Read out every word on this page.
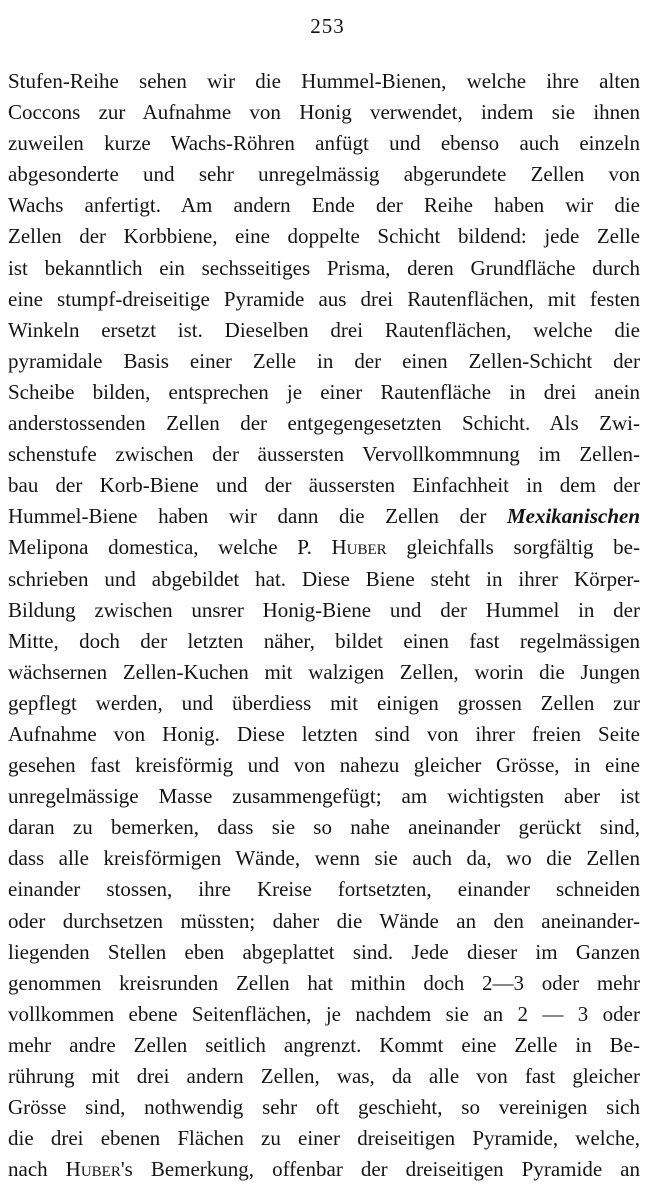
253
Stufen-Reihe sehen wir die Hummel-Bienen, welche ihre alten
Coccons zur Aufnahme von Honig verwendet, indem sie ihnen
zuweilen kurze Wachs-Röhren anfügt und ebenso auch einzeln
abgesonderte und sehr unregelmässig abgerundete Zellen von
Wachs anfertigt. Am andern Ende der Reihe haben wir die
Zellen der Korbbiene, eine doppelte Schicht bildend: jede Zelle
ist bekanntlich ein sechsseitiges Prisma, deren Grundfläche durch
eine stumpf-dreiseitige Pyramide aus drei Rautenflächen, mit festen
Winkeln ersetzt ist. Dieselben drei Rautenflächen, welche die
pyramidale Basis einer Zelle in der einen Zellen-Schicht der
Scheibe bilden, entsprechen je einer Rautenfläche in drei anein
anderstossenden Zellen der entgegengesetzten Schicht. Als Zwi-
schenstufe zwischen der äussersten Vervollkommnung im Zellen-
bau der Korb-Biene und der äussersten Einfachheit in dem der
Hummel-Biene haben wir dann die Zellen der Mexikanischen
Melipona domestica, welche P. Huber gleichfalls sorgfältig be-
schrieben und abgebildet hat. Diese Biene steht in ihrer Körper-
Bildung zwischen unsrer Honig-Biene und der Hummel in der
Mitte, doch der letzten näher, bildet einen fast regelmässigen
wächsernen Zellen-Kuchen mit walzigen Zellen, worin die Jungen
gepflegt werden, und überdiess mit einigen grossen Zellen zur
Aufnahme von Honig. Diese letzten sind von ihrer freien Seite
gesehen fast kreisförmig und von nahezu gleicher Grösse, in eine
unregelmässige Masse zusammengefügt; am wichtigsten aber ist
daran zu bemerken, dass sie so nahe aneinander gerückt sind,
dass alle kreisförmigen Wände, wenn sie auch da, wo die Zellen
einander stossen, ihre Kreise fortsetzten, einander schneiden
oder durchsetzen müssten; daher die Wände an den aneinander-
liegenden Stellen eben abgeplattet sind. Jede dieser im Ganzen
genommen kreisrunden Zellen hat mithin doch 2—3 oder mehr
vollkommen ebene Seitenflächen, je nachdem sie an 2 — 3 oder
mehr andre Zellen seitlich angrenzt. Kommt eine Zelle in Be-
rührung mit drei andern Zellen, was, da alle von fast gleicher
Grösse sind, nothwendig sehr oft geschieht, so vereinigen sich
die drei ebenen Flächen zu einer dreiseitigen Pyramide, welche,
nach Huber's Bemerkung, offenbar der dreiseitigen Pyramide an
